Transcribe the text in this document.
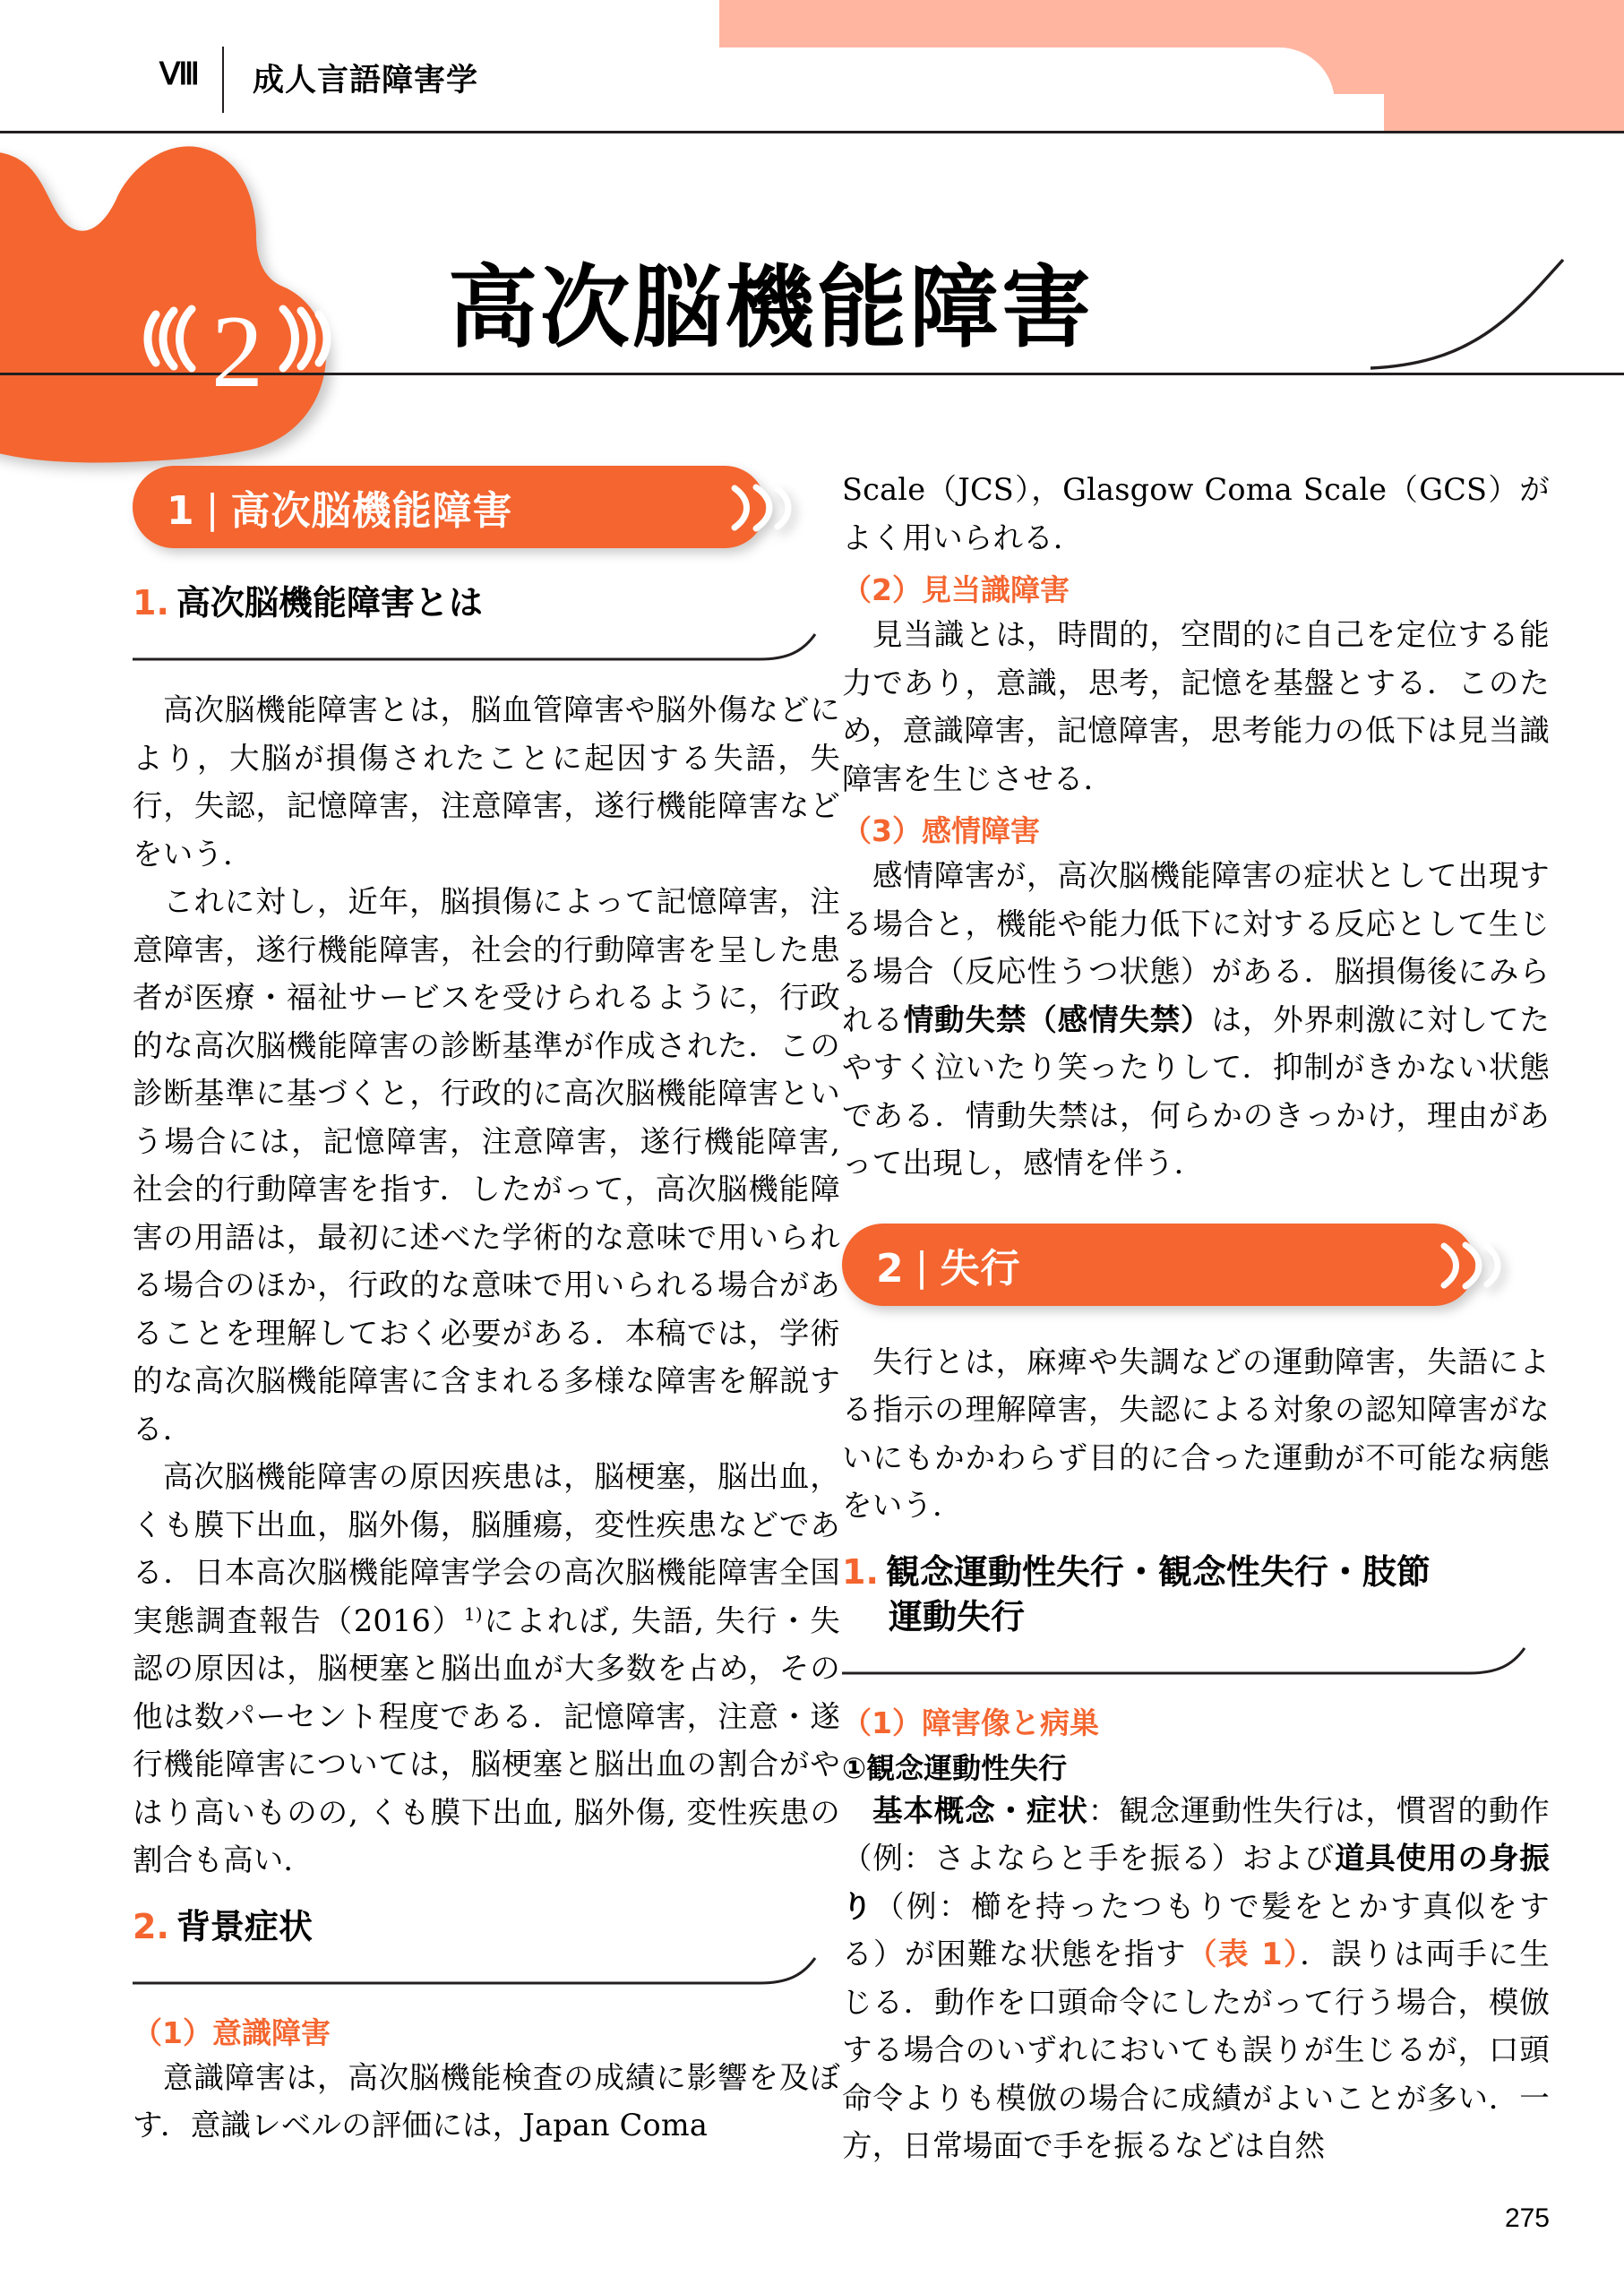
Ⅷ 成人言語障害学
2	高次脳機能障害
1 | 高次脳機能障害
1. 高次脳機能障害とは

高次脳機能障害とは，脳血管障害や脳外傷などにより，大脳が損傷されたことに起因する失語，失行，失認，記憶障害，注意障害，遂行機能障害などをいう．

これに対し，近年，脳損傷によって記憶障害，注意障害，遂行機能障害，社会的行動障害を呈した患者が医療・福祉サービスを受けられるように，行政的な高次脳機能障害の診断基準が作成された．この診断基準に基づくと，行政的に高次脳機能障害という場合には，記憶障害，注意障害，遂行機能障害, 社会的行動障害を指す．したがって，高次脳機能障害の用語は，最初に述べた学術的な意味で用いられる場合のほか，行政的な意味で用いられる場合があることを理解しておく必要がある．本稿では，学術的な高次脳機能障害に含まれる多様な障害を解説する．

高次脳機能障害の原因疾患は，脳梗塞，脳出血，くも膜下出血，脳外傷，脳腫瘍，変性疾患などである．日本高次脳機能障害学会の高次脳機能障害全国実態調査報告$(2016)^{1)}$によれば, 失語, 失行・失認の原因は，脳梗塞と脳出血が大多数を占め，その他は数パーセント程度である．記憶障害，注意・遂行機能障害については，脳梗塞と脳出血の割合がやはり高いものの, くも膜下出血, 脳外傷, 変性疾患の割合も高い．

2. 背景症状
（1）意識障害

意識障害は，高次脳機能検査の成績に影響を及ぼす．意識レベルの評価には，Japan Coma

Scale（JCS），Glasgow Coma Scale（GCS）がよく用いられる．

（2）見当識障害

見当識とは，時間的，空間的に自己を定位する能力であり，意識，思考，記憶を基盤とする．このため，意識障害，記憶障害，思考能力の低下は見当識障害を生じさせる．

（3）感情障害

感情障害が，高次脳機能障害の症状として出現する場合と，機能や能力低下に対する反応として生じる場合（反応性うつ状態）がある．脳損傷後にみられる情動失禁（感情失禁）は，外界刺激に対してたやすく泣いたり笑ったりして．抑制がきかない状態である．情動失禁は，何らかのきっかけ，理由があって出現し，感情を伴う．

2 | 失行

失行とは，麻痺や失調などの運動障害，失語による指示の理解障害，失認による対象の認知障害がないにもかかわらず目的に合った運動が不可能な病態をいう．

1. 観念運動性失行・観念性失行・肢節
運動失行
（1）障害像と病巣
①観念運動性失行

基本概念・症状：観念運動性失行は，慣習的動作（例：さよならと手を振る）および道具使用の身振り（例：櫛を持ったつもりで髪をとかす真似をする）が困難な状態を指す（表 1）．誤りは両手に生じる．動作を口頭命令にしたがって行う場合，模倣する場合のいずれにおいても誤りが生じるが，口頭命令よりも模倣の場合に成績がよいことが多い．一方，日常場面で手を振るなどは自然

275
